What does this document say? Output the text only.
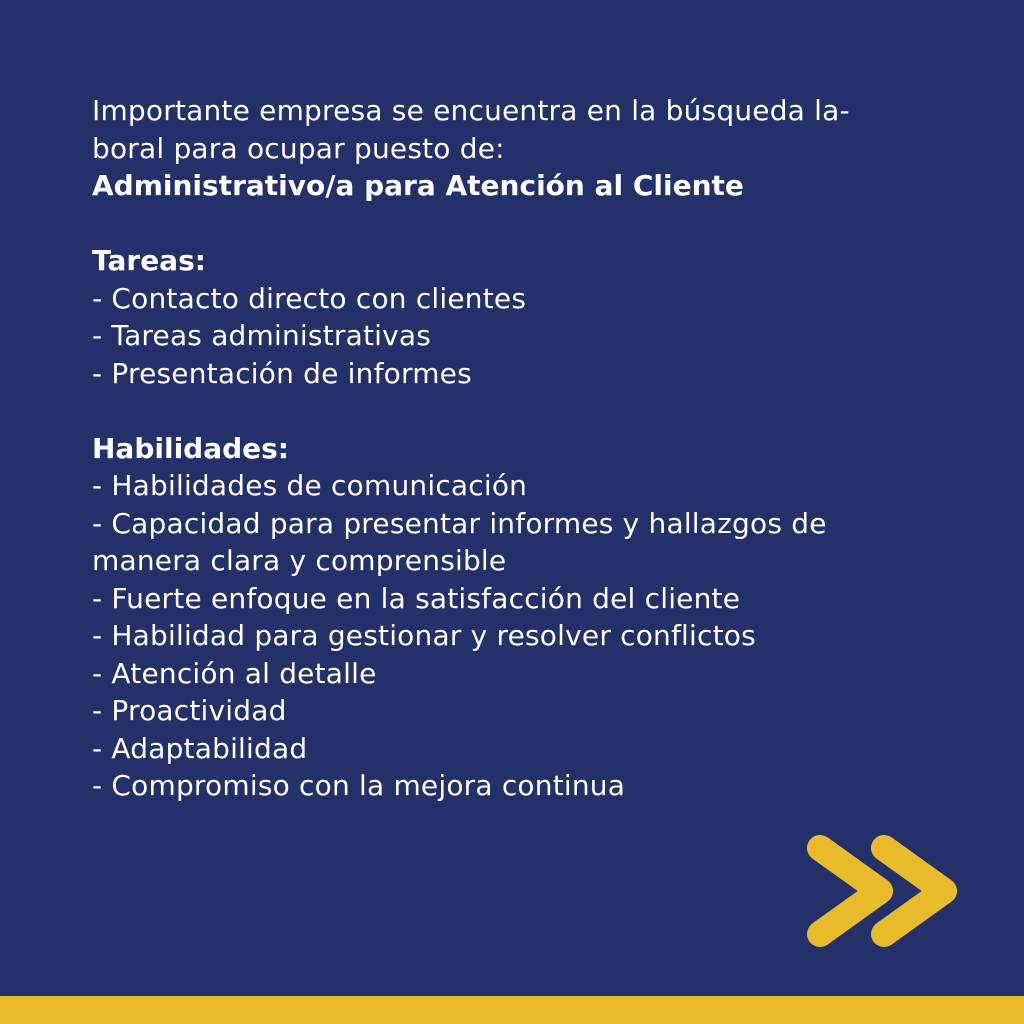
Importante empresa se encuentra en la búsqueda la-
boral para ocupar puesto de:
Administrativo/a para Atención al Cliente
Tareas:
- Contacto directo con clientes
- Tareas administrativas
- Presentación de informes
Habilidades:
- Habilidades de comunicación
- Capacidad para presentar informes y hallazgos de
manera clara y comprensible
- Fuerte enfoque en la satisfacción del cliente
- Habilidad para gestionar y resolver conflictos
- Atención al detalle
- Proactividad
- Adaptabilidad
- Compromiso con la mejora continua
